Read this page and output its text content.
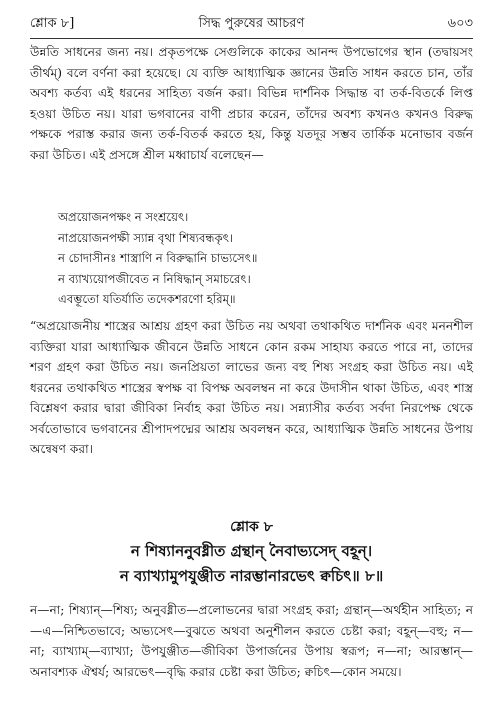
শ্লোক ৮]	সিদ্ধ পুরুষের আচরণ	৬০৩

উন্নতি সাধনের জন্য নয়। প্রকৃতপক্ষে সেগুলিকে কাকের আনন্দ উপভোগের স্থান (তদ্বায়সং তীর্থম্) বলে বর্ণনা করা হয়েছে। যে ব্যক্তি আধ্যাত্মিক জ্ঞানের উন্নতি সাধন করতে চান, তাঁর অবশ্য কর্তব্য এই ধরনের সাহিত্য বর্জন করা। বিভিন্ন দার্শনিক সিদ্ধান্ত বা তর্ক-বিতর্কে লিপ্ত হওয়া উচিত নয়। যারা ভগবানের বাণী প্রচার করেন, তাঁদের অবশ্য কখনও কখনও বিরুদ্ধ পক্ষকে পরাস্ত করার জন্য তর্ক-বিতর্ক করতে হয়, কিন্তু যতদূর সম্ভব তার্কিক মনোভাব বর্জন করা উচিত। এই প্রসঙ্গে শ্রীল মধ্বাচার্য বলেছেন—

অপ্রয়োজনপক্ষং ন সংশ্রয়েৎ।
নাপ্রয়োজনপক্ষী স্যান্ন বৃথা শিষ্যবন্ধকৃৎ।
ন চোদাসীনঃ শাস্ত্রাণি ন বিরুদ্ধানি চাভ্যসেৎ॥
ন ব্যাখ্যয়োপজীবেত ন নিষিদ্ধান্ সমাচরেৎ।
এবম্ভূতো যতির্যাতি তদেকশরণো হরিম্॥

“অপ্রয়োজনীয় শাস্ত্রের আশ্রয় গ্রহণ করা উচিত নয় অথবা তথাকথিত দার্শনিক এবং মননশীল ব্যক্তিরা যারা আধ্যাত্মিক জীবনে উন্নতি সাধনে কোন রকম সাহায্য করতে পারে না, তাদের শরণ গ্রহণ করা উচিত নয়। জনপ্রিয়তা লাভের জন্য বহু শিষ্য সংগ্রহ করা উচিত নয়। এই ধরনের তথাকথিত শাস্ত্রের স্বপক্ষ বা বিপক্ষ অবলম্বন না করে উদাসীন থাকা উচিত, এবং শাস্ত্র বিশ্লেষণ করার দ্বারা জীবিকা নির্বাহ করা উচিত নয়। সন্ন্যাসীর কর্তব্য সর্বদা নিরপেক্ষ থেকে সর্বতোভাবে ভগবানের শ্রীপাদপদ্মের আশ্রয় অবলম্বন করে, আধ্যাত্মিক উন্নতি সাধনের উপায় অন্বেষণ করা।

শ্লোক ৮
ন শিষ্যাননুবধ্নীত গ্রন্থান্ নৈবাভ্যসেদ্ বহূন্।
ন ব্যাখ্যামুপযুঞ্জীত নারম্ভানারভেৎ ক্বচিৎ॥ ৮॥

ন—না; শিষ্যান্—শিষ্য; অনুবধ্নীত—প্রলোভনের দ্বারা সংগ্রহ করা; গ্রন্থান্—অর্থহীন সাহিত্য; ন—এ—নিশ্চিতভাবে; অভ্যসেৎ—বুঝতে অথবা অনুশীলন করতে চেষ্টা করা; বহূন্—বহু; ন—না; ব্যাখ্যাম্—ব্যাখ্যা; উপযুঞ্জীত—জীবিকা উপার্জনের উপায় স্বরূপ; ন—না; আরম্ভান্—অনাবশ্যক ঐশ্বর্য; আরভেৎ—বৃদ্ধি করার চেষ্টা করা উচিত; ক্বচিৎ—কোন সময়ে।
